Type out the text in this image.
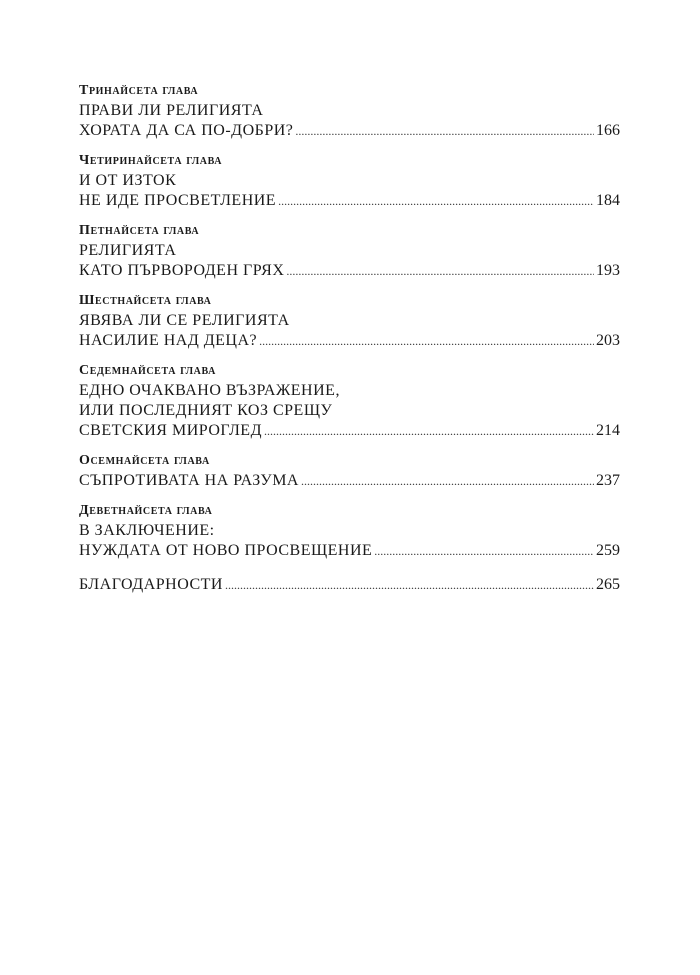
Тринайсета глава
ПРАВИ ЛИ РЕЛИГИЯТА
ХОРАТА ДА СА ПО-ДОБРИ? .....	166
Четиринайсета глава
И ОТ ИЗТОК
НЕ ИДЕ ПРОСВЕТЛЕНИЕ .....	184
Петнайсета глава
РЕЛИГИЯТА
КАТО ПЪРВОРОДЕН ГРЯХ .....	193
Шестнайсета глава
ЯВЯВА ЛИ СЕ РЕЛИГИЯТА
НАСИЛИЕ НАД ДЕЦА? .....	203
Седемнайсета глава
ЕДНО ОЧАКВАНО ВЪЗРАЖЕНИЕ,
ИЛИ ПОСЛЕДНИЯТ КОЗ СРЕЩУ
СВЕТСКИЯ МИРОГЛЕД .....	214
Осемнайсета глава
СЪПРОТИВАТА НА РАЗУМА .....	237
Деветнайсета глава
В ЗАКЛЮЧЕНИЕ:
НУЖДАТА ОТ НОВО ПРОСВЕЩЕНИЕ .....	259
БЛАГОДАРНОСТИ .....	265
